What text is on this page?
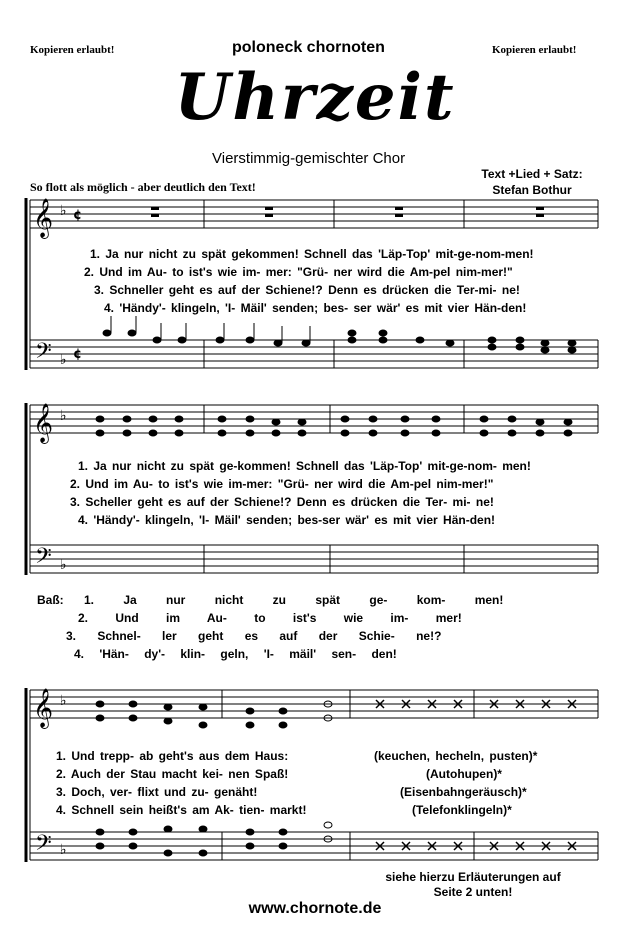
Kopieren erlaubt!	poloneck chornoten	Kopieren erlaubt!
Uhrzeit
Vierstimmig-gemischter Chor
Text +Lied + Satz:
Stefan Bothur
So flott als möglich - aber deutlich den Text!
𝄞
𝄢
𝄞
𝄢
𝄞
𝄢
♭
♭
♭
♭
♭
♭
¢
¢
1. Ja nur nicht zu spät gekommen! Schnell das 'Läp-Top' mit-ge-nom-men!
2. Und im Au- to ist's wie im- mer: "Grü- ner wird die Am-pel nim-mer!"
3. Schneller geht es auf der Schiene!? Denn es drücken die Ter-mi- ne!
4. 'Händy'- klingeln, 'I- Mäil' senden; bes- ser wär' es mit vier Hän-den!
1. Ja nur nicht zu spät ge-kommen! Schnell das 'Läp-Top' mit-ge-nom- men!
2. Und im Au- to ist's wie im-mer: "Grü- ner wird die Am-pel nim-mer!"
3. Scheller geht es auf der Schiene!? Denn es drücken die Ter- mi- ne!
4. 'Händy'- klingeln, 'I- Mäil' senden; bes-ser wär' es mit vier Hän-den!
Baß: 1. Ja nur nicht zu spät ge- kom- men!
2. Und im Au- to ist's wie im- mer!
3. Schnel- ler geht es auf der Schie- ne!?
4. 'Hän- dy'- klin- geln, 'I- mäil' sen- den!
1. Und trepp- ab geht's aus dem Haus:
2. Auch der Stau macht kei- nen Spaß!
3. Doch, ver- flixt und zu- genäht!
4. Schnell sein heißt's am Ak- tien- markt!
(keuchen, hecheln, pusten)*
(Autohupen)*
(Eisenbahngeräusch)*
(Telefonklingeln)*
siehe hierzu Erläuterungen auf
Seite 2 unten!
www.chornote.de
